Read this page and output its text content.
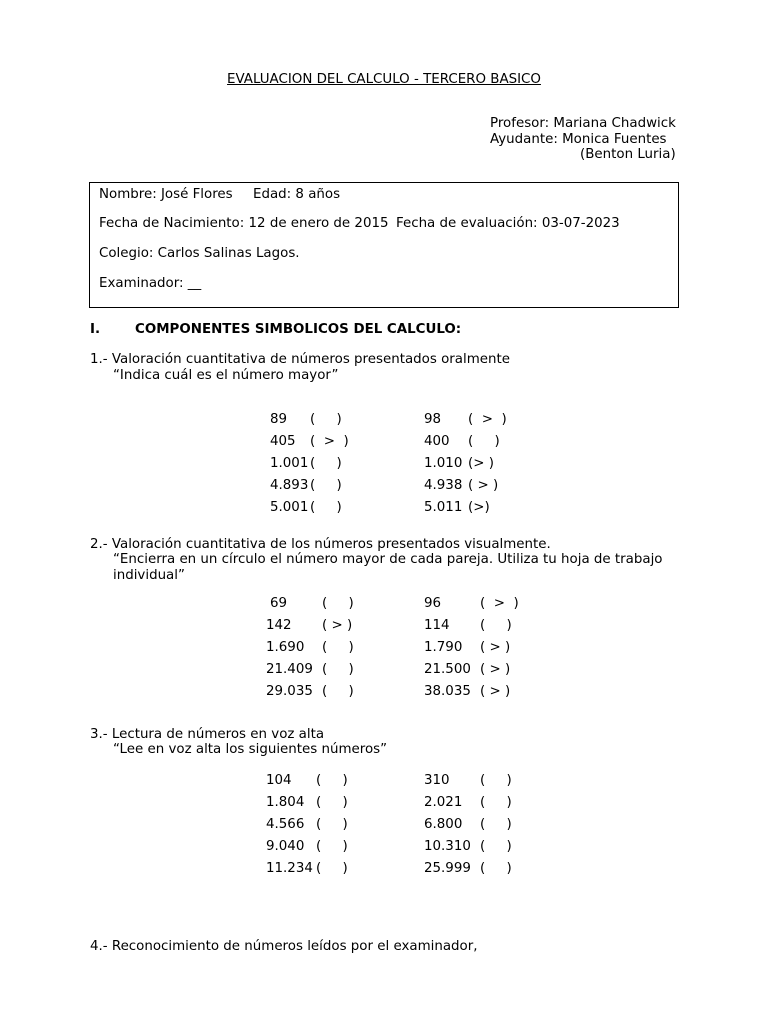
EVALUACION DEL CALCULO - TERCERO BASICO
Profesor: Mariana Chadwick
Ayudante: Monica Fuentes
(Benton Luria)
Nombre: José Flores Edad: 8 años
Fecha de Nacimiento: 12 de enero de 2015 Fecha de evaluación: 03-07-2023
Colegio: Carlos Salinas Lagos.
Examinador: __
I.	COMPONENTES SIMBOLICOS DEL CALCULO:
1.- Valoración cuantitativa de números presentados oralmente
“Indica cuál es el número mayor”
89 (     )	98 (  >  )
405 (  >  )	400 (     )
1.001 (     )	1.010 (> )
4.893 (     )	4.938 ( > )
5.001 (     )	5.011 (>)
2.- Valoración cuantitativa de los números presentados visualmente.
“Encierra en un círculo el número mayor de cada pareja. Utiliza tu hoja de trabajo
individual”
69	(     )	96	(  >  )
142 ( > )	114 (     )
1.690 (     )	1.790 ( > )
21.409 (     )	21.500 ( > )
29.035 (     )	38.035 ( > )
3.- Lectura de números en voz alta
“Lee en voz alta los siguientes números”
104 (     )	310 (     )
1.804 (     )	2.021 (     )
4.566 (     )	6.800 (     )
9.040 (     )	10.310 (     )
11.234 (     )	25.999 (     )
4.- Reconocimiento de números leídos por el examinador,
